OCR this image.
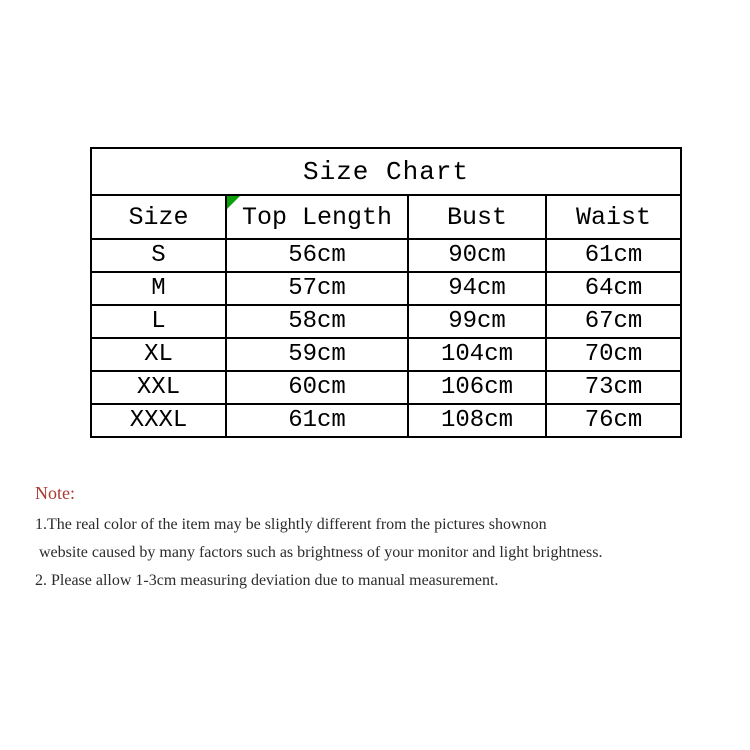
Size Chart			
Size	Top Length	Bust	Waist
S	56cm	90cm	61cm
M	57cm	94cm	64cm
L	58cm	99cm	67cm
XL	59cm	104cm	70cm
XXL	60cm	106cm	73cm
XXXL	61cm	108cm	76cm
Note:
1.The real color of the item may be slightly different from the pictures shownon
website caused by many factors such as brightness of your monitor and light brightness.
2. Please allow 1-3cm measuring deviation due to manual measurement.
